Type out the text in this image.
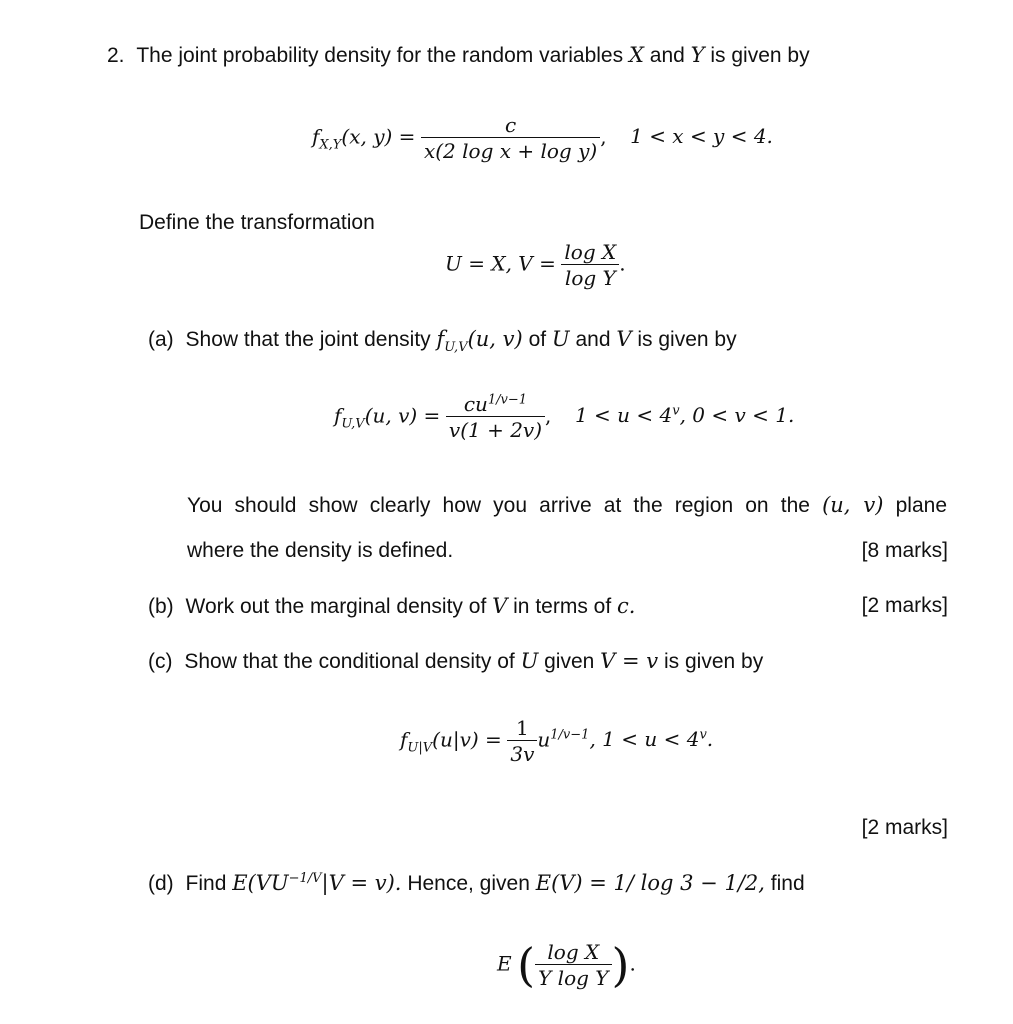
2. The joint probability density for the random variables X and Y is given by
$f_{X,Y}(x$, $y) = \frac{c}{\text{x(2 log x + log y)}}$ , 1 < x < y < 4.
Define the transformation
U = X, $V = \frac{\text{log X}}{\text{log Y}}$ .
(a) Show that the joint density $f_{U,V}(u$, v) of U and V is given by
$f_{U,V}(u$, $v) = \frac{cu^{1/v-1}}{v(1 + 2v)}$ , $1 < u < 4^v$, 0 < v < 1.
You should show clearly how you arrive at the region on the (u, v) plane
where the density is defined.	[8 marks]
(b) Work out the marginal density of V in terms of c.	[2 marks]
(c) Show that the conditional density of U given V = v is given by
$f_{U|V}(u|v) = \frac{1}{3v} u^{1/v-1}$, $1 < u < 4^v$.
[2 marks]
(d) Find $E(VU^{-1/V}|V = v)$. Hence, given E(V) = 1/ log 3 − 1/2, find
E ( $\frac{\text{log X}}{\text{Y log Y}}$ ).
